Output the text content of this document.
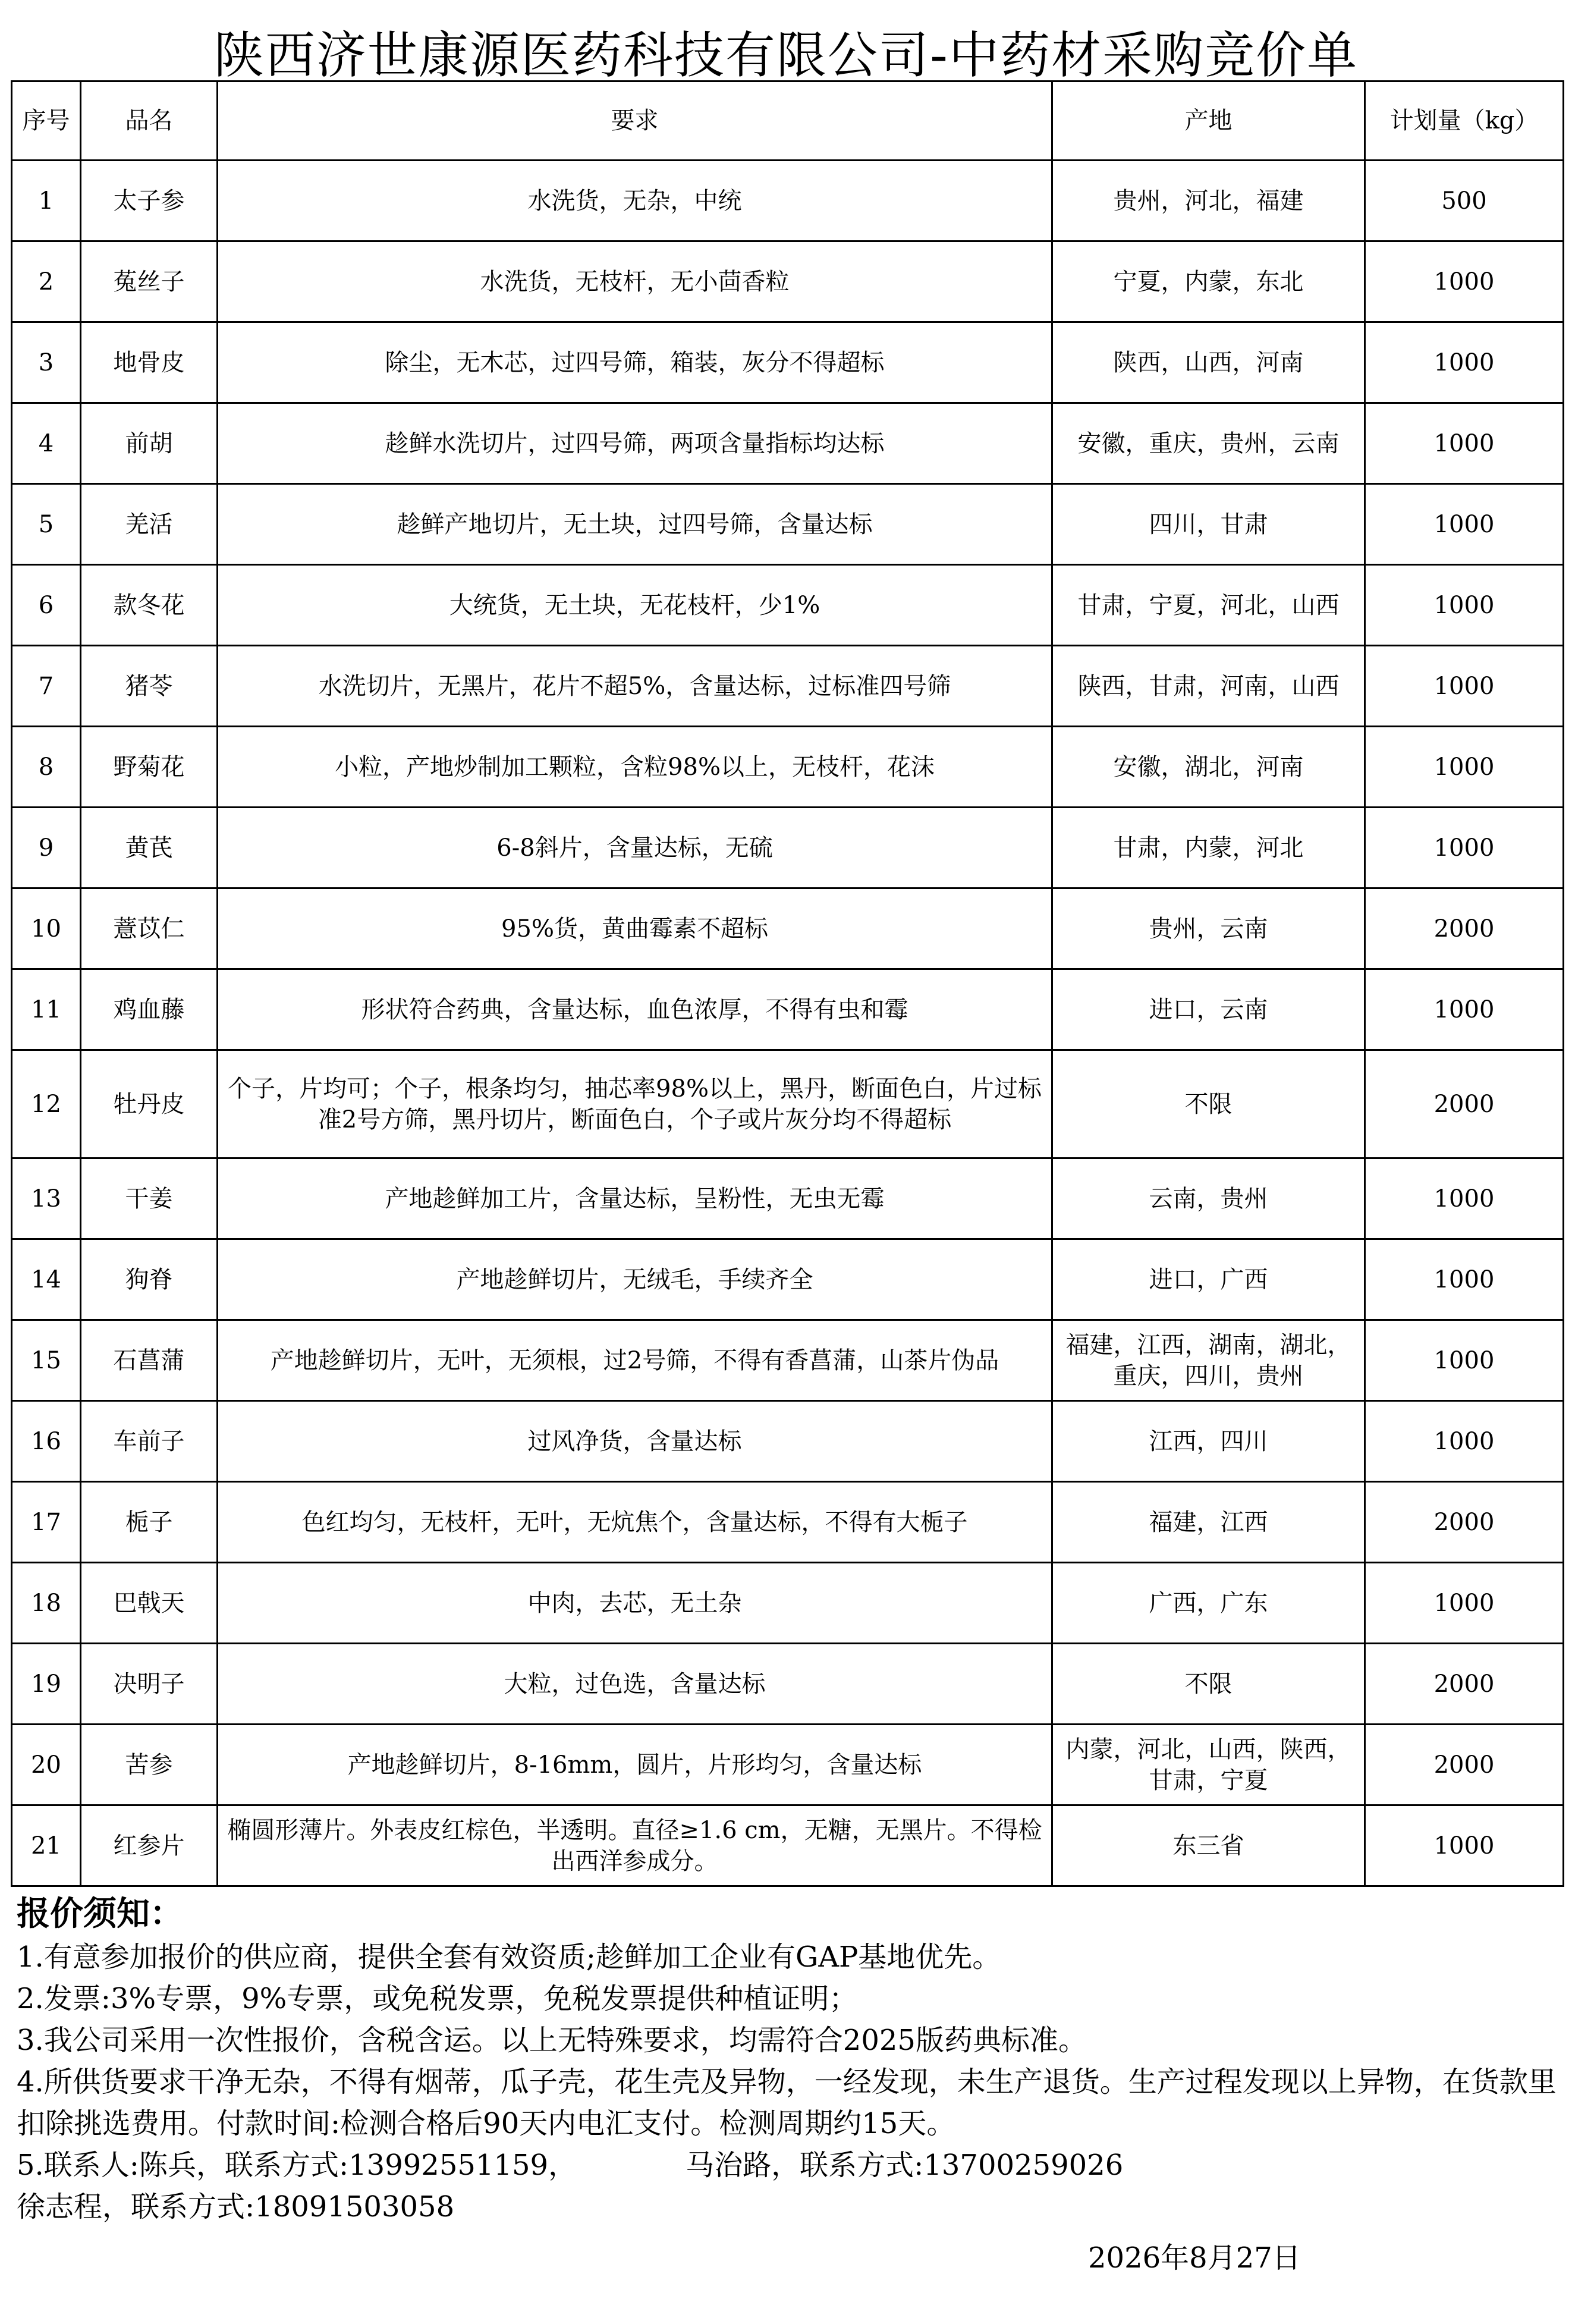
陕西济世康源医药科技有限公司-中药材采购竞价单
序号	品名	要求	产地	计划量（kg）
1	太子参	水洗货，无杂，中统	贵州，河北，福建	500
2	菟丝子	水洗货，无枝杆，无小茴香粒	宁夏，内蒙，东北	1000
3	地骨皮	除尘，无木芯，过四号筛，箱装，灰分不得超标	陕西，山西，河南	1000
4	前胡	趁鲜水洗切片，过四号筛，两项含量指标均达标	安徽，重庆，贵州，云南	1000
5	羌活	趁鲜产地切片，无土块，过四号筛，含量达标	四川，甘肃	1000
6	款冬花	大统货，无土块，无花枝杆，少1%	甘肃，宁夏，河北，山西	1000
7	猪苓	水洗切片，无黑片，花片不超5%，含量达标，过标准四号筛	陕西，甘肃，河南，山西	1000
8	野菊花	小粒，产地炒制加工颗粒，含粒98%以上，无枝杆，花沫	安徽，湖北，河南	1000
9	黄芪	6-8斜片，含量达标，无硫	甘肃，内蒙，河北	1000
10	薏苡仁	95%货，黄曲霉素不超标	贵州，云南	2000
11	鸡血藤	形状符合药典，含量达标，血色浓厚，不得有虫和霉	进口，云南	1000
12	牡丹皮	个子，片均可；个子，根条均匀，抽芯率98%以上，黑丹，断面色白，片过标准2号方筛，黑丹切片，断面色白，个子或片灰分均不得超标	不限	2000
13	干姜	产地趁鲜加工片，含量达标，呈粉性，无虫无霉	云南，贵州	1000
14	狗脊	产地趁鲜切片，无绒毛，手续齐全	进口，广西	1000
15	石菖蒲	产地趁鲜切片，无叶，无须根，过2号筛，不得有香菖蒲，山茶片伪品	福建，江西，湖南，湖北，重庆，四川，贵州	1000
16	车前子	过风净货，含量达标	江西，四川	1000
17	栀子	色红均匀，无枝杆，无叶，无炕焦个，含量达标，不得有大栀子	福建，江西	2000
18	巴戟天	中肉，去芯，无土杂	广西，广东	1000
19	决明子	大粒，过色选，含量达标	不限	2000
20	苦参	产地趁鲜切片，8-16mm，圆片，片形均匀，含量达标	内蒙，河北，山西，陕西，甘肃，宁夏	2000
21	红参片	椭圆形薄片。外表皮红棕色，半透明。直径≥1.6 cm，无糖，无黑片。不得检出西洋参成分。	东三省	1000
报价须知：
1.有意参加报价的供应商，提供全套有效资质;趁鲜加工企业有GAP基地优先。
2.发票:3%专票，9%专票，或免税发票，免税发票提供种植证明；
3.我公司采用一次性报价，含税含运。以上无特殊要求，均需符合2025版药典标准。
4.所供货要求干净无杂，不得有烟蒂，瓜子壳，花生壳及异物，一经发现，未生产退货。生产过程发现以上异物，在货款里扣除挑选费用。付款时间:检测合格后90天内电汇支付。检测周期约15天。
5.联系人:陈兵，联系方式:13992551159，            马治路，联系方式:13700259026
徐志程，联系方式:18091503058
2026年8月27日
